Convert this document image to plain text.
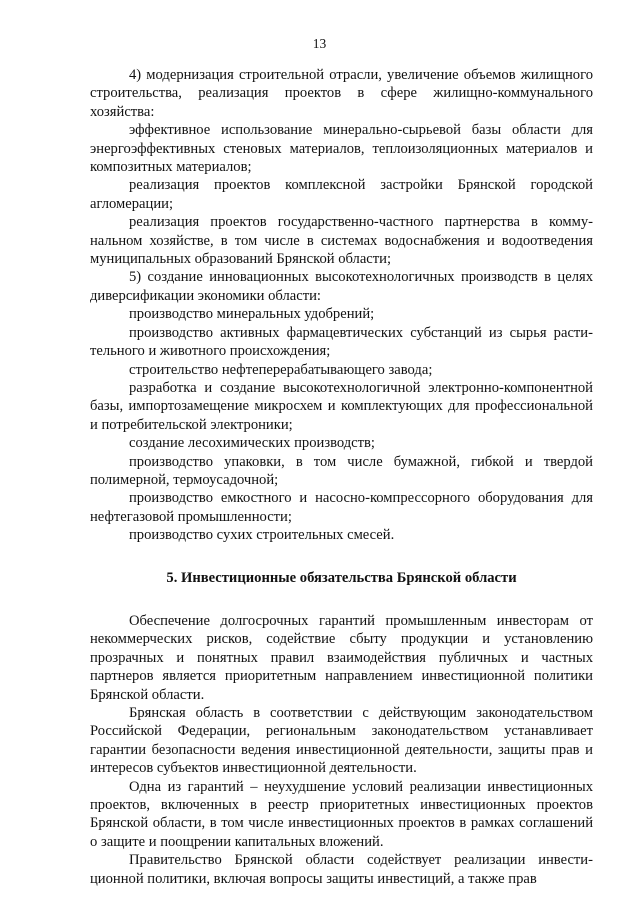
13

4) модернизация строительной отрасли, увеличение объемов жилищного строительства, реализация проектов в сфере жилищно-коммунального хозяйства:

эффективное использование минерально-сырьевой базы области для энергоэффективных стеновых материалов, теплоизоляционных материалов и композитных материалов;

реализация проектов комплексной застройки Брянской городской агломерации;

реализация проектов государственно-частного партнерства в коммунальном хозяйстве, в том числе в системах водоснабжения и водоотведения муниципальных образований Брянской области;

5) создание инновационных высокотехнологичных производств в целях диверсификации экономики области:

производство минеральных удобрений;

производство активных фармацевтических субстанций из сырья растительного и животного происхождения;

строительство нефтеперерабатывающего завода;

разработка и создание высокотехнологичной электронно-компонентной базы, импортозамещение микросхем и комплектующих для профессиональной и потребительской электроники;

создание лесохимических производств;

производство упаковки, в том числе бумажной, гибкой и твердой полимерной, термоусадочной;

производство емкостного и насосно-компрессорного оборудования для нефтегазовой промышленности;

производство сухих строительных смесей.

5. Инвестиционные обязательства Брянской области

Обеспечение долгосрочных гарантий промышленным инвесторам от некоммерческих рисков, содействие сбыту продукции и установлению прозрачных и понятных правил взаимодействия публичных и частных партнеров является приоритетным направлением инвестиционной политики Брянской области.

Брянская область в соответствии с действующим законодательством Российской Федерации, региональным законодательством устанавливает гарантии безопасности ведения инвестиционной деятельности, защиты прав и интересов субъектов инвестиционной деятельности.

Одна из гарантий – неухудшение условий реализации инвестиционных проектов, включенных в реестр приоритетных инвестиционных проектов Брянской области, в том числе инвестиционных проектов в рамках соглашений о защите и поощрении капитальных вложений.

Правительство Брянской области содействует реализации инвестиционной политики, включая вопросы защиты инвестиций, а также прав
